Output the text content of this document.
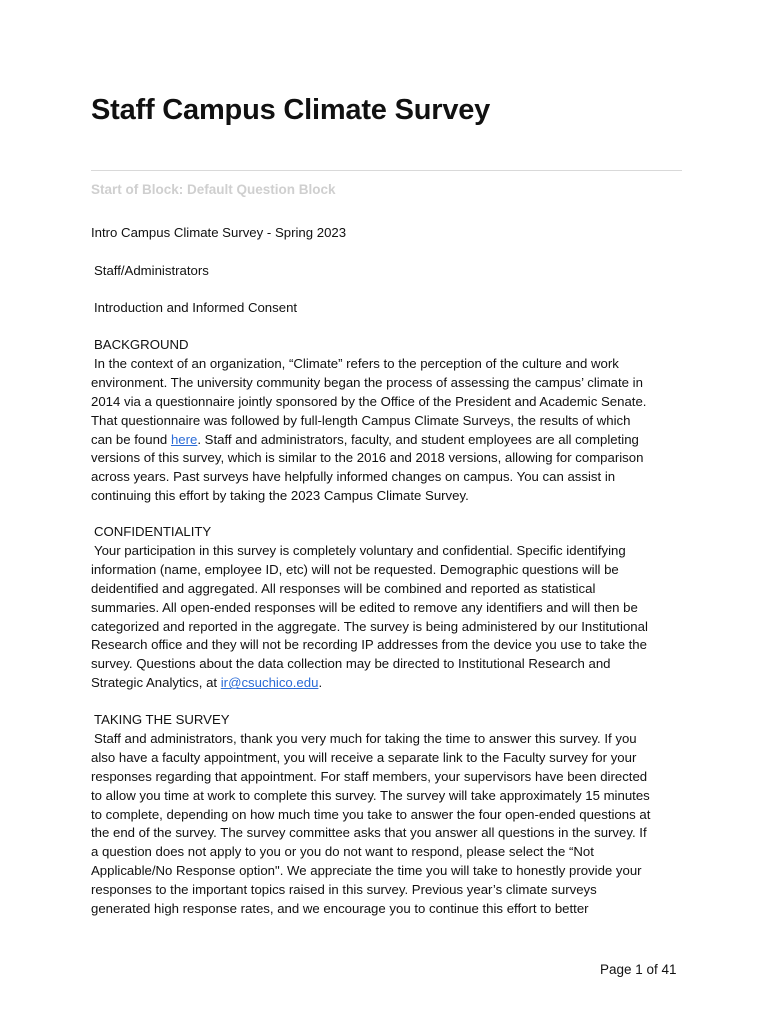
Staff Campus Climate Survey
Start of Block: Default Question Block
Intro Campus Climate Survey - Spring 2023
Staff/Administrators
Introduction and Informed Consent
BACKGROUND
In the context of an organization, “Climate” refers to the perception of the culture and work
environment. The university community began the process of assessing the campus’ climate in
2014 via a questionnaire jointly sponsored by the Office of the President and Academic Senate.
That questionnaire was followed by full-length Campus Climate Surveys, the results of which
can be found here. Staff and administrators, faculty, and student employees are all completing
versions of this survey, which is similar to the 2016 and 2018 versions, allowing for comparison
across years. Past surveys have helpfully informed changes on campus. You can assist in
continuing this effort by taking the 2023 Campus Climate Survey.
CONFIDENTIALITY
Your participation in this survey is completely voluntary and confidential. Specific identifying
information (name, employee ID, etc) will not be requested. Demographic questions will be
deidentified and aggregated. All responses will be combined and reported as statistical
summaries. All open-ended responses will be edited to remove any identifiers and will then be
categorized and reported in the aggregate. The survey is being administered by our Institutional
Research office and they will not be recording IP addresses from the device you use to take the
survey. Questions about the data collection may be directed to Institutional Research and
Strategic Analytics, at ir@csuchico.edu.
TAKING THE SURVEY
Staff and administrators, thank you very much for taking the time to answer this survey. If you
also have a faculty appointment, you will receive a separate link to the Faculty survey for your
responses regarding that appointment. For staff members, your supervisors have been directed
to allow you time at work to complete this survey. The survey will take approximately 15 minutes
to complete, depending on how much time you take to answer the four open-ended questions at
the end of the survey. The survey committee asks that you answer all questions in the survey. If
a question does not apply to you or you do not want to respond, please select the “Not
Applicable/No Response option". We appreciate the time you will take to honestly provide your
responses to the important topics raised in this survey. Previous year’s climate surveys
generated high response rates, and we encourage you to continue this effort to better
Page 1 of 41
